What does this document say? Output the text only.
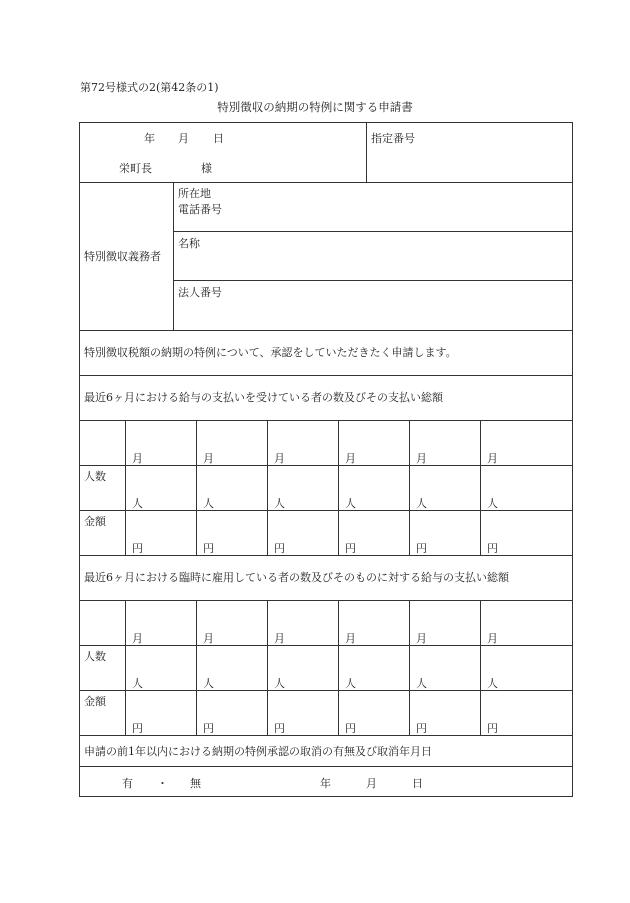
第72号様式の2(第42条の1)
特別徴収の納期の特例に関する申請書
年 月 日
栄町長	様
指定番号
特別徴収義務者
所在地
電話番号
名称
法人番号
特別徴収税額の納期の特例について、承認をしていただきたく申請します。
最近6ヶ月における給与の支払いを受けている者の数及びその支払い総額
月	月	月	月	月	月
人数
人	人	人	人	人	人
金額
円	円	円	円	円	円
最近6ヶ月における臨時に雇用している者の数及びそのものに対する給与の支払い総額
月	月	月	月	月	月
人数
人	人	人	人	人	人
金額
円	円	円	円	円	円
申請の前1年以内における納期の特例承認の取消の有無及び取消年月日
有 ・ 無	年	月	日
